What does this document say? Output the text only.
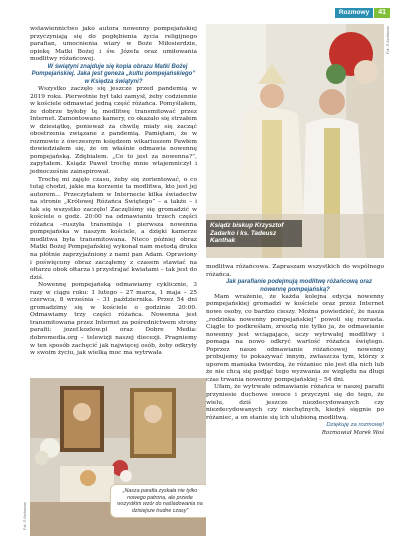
Rozmowy	41

wstawiennictwo jako autora nowenny pompejańskiej przyczyniają się do pogłębienia życia religijnego parafian, umocnienia wiary w Boże Miłosierdzie, opiekę Matki Bożej i św. Józefa oraz umiłowania modlitwy różańcowej.

W świątyni znajduje się kopia obrazu Matki Bożej Pompejańskiej. Jaka jest geneza „kultu pompejańskiego” w Księdza świątyni?

Wszystko zaczęło się jeszcze przed pandemią w 2019 roku. Pierwotnie był taki zamysł, żeby codziennie w kościele odmawiać jedną część różańca. Pomyślałem, że dobrze byłoby tę modlitwę transmitować przez Internet. Zamontowano kamery, co okazało się strzałem w dziesiątkę, ponieważ za chwilę miały się zacząć obostrzenia związane z pandemią. Pamiętam, że w rozmowie z ówczesnym księdzem wikariuszem Pawłem dowiedziałem się, że on właśnie odmawia nowennę pompejańską. Zdębiałem. „Co to jest za nowenna?”, zapytałem. Ksiądz Paweł trochę mnie wtajemniczył i jednocześnie zainspirował.

Trochę mi zajęło czasu, żeby się zorientować, o co tutaj chodzi, jakie ma korzenie ta modlitwa, kto jest jej autorem... Przeczytałem w Internecie kilka świadectw na stronie „Królowej Różańca Świętego” – a także – i tak się wszystko zaczęło! Zaczęliśmy się gromadzić w kościele o godz. 20:00 na odmawianiu trzech części różańca –ruszyła transmisja i pierwsza nowenna pompejańska w naszym kościele, a dzięki kamerze modlitwa była transmitowana. Nieco później obraz Matki Bożej Pompejańskiej wykonał nam metodą druku na płótnie zaprzyjaźniony z nami pan Adam. Opraviony i poświęcony obraz zacząłemy z czasem stawiać na ołtarzu obok ołtarza i przystrajać kwiatami – tak jest do dziś.

Nowennę pompejańską odmawiamy cyklicznie, 3 razy w ciągu roku: 1 lutego – 27 marca, 1 maja – 25 czerwca, 8 września – 31 października. Przez 54 dni gromadzimy się w kościele o godzinie 20:00. Odmawiamy trzy części różańca. Nowenna jest transmitowana przez Internet za pośrednictwem strony parafii: jozef.kozlow.pl oraz Dobre Media: dobremedia.org – telewizji naszej diecezji. Pragniemy w ten sposób zachęcić jak najwięcej osób, żeby odkryły w swoim życiu, jak wielką moc ma wytrwała

Ksiądz biskup Krzysztof Zadarko i ks. Tadeusz Kanthak
Fot. ® Archiwum

modlitwa różańcowa. Zapraszam wszystkich do wspólnego różańca.

Jak parafianie podejmują modlitwę różańcową oraz nowennę pompejańską?

Mam wrażenie, że każda kolejna edycja nowenny pompejańskiej gromadzi w kościele oraz przez Internet nowe osoby, co bardzo cieszy. Można powiedzieć, że nasza „rodzinka nowenny pompejańskiej” powoli się rozrasta. Ciągle to podkreślam, zresztą nie tylko ja, że odmawianie nowenny jest wciągające, uczy wytrwałej modlitwy i pomaga na nowo odkryć wartość różańca świętego. Poprzez nasze odmawianie różańcowej nowenny probujemy to pokazywać innym, zwłaszcza tym, którzy z uporem maniaka twierdzą, że różaniec nie jest dla nich lub że nie chcą się podjąć tego wyzwania ze względu na długi czas trwania nowenny pompejańskiej – 54 dni.

Ufam, że wytrwałe odmawianie różańca w naszej parafii przyniesie duchowe owoce i przyczyni się do tego, że wielu, dziś jeszcze niezdecydowanych czy niezdecydowanych czy niechętnych, kiedyś sięgnie po różaniec, a on stanie się ich ulubioną modlitwą.

Dziękuję za rozmowę!

Rozmawiał Marek Woś

„Nasza parafia zyskała nie tylko nowego patrona, ale przede wszystkim wzór do naśladowania na dzisiejsze trudne czasy”
Fot. ® Archiwum
